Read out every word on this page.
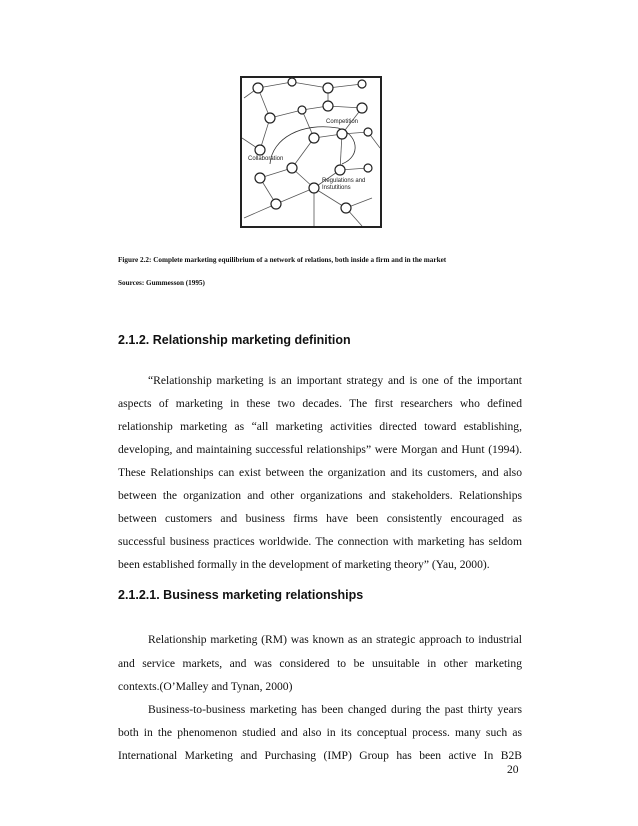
Competition
Collaboration
Regulations and
Instutitions
Figure 2.2: Complete marketing equilibrium of a network of relations, both inside a firm and in the market
Sources: Gummesson (1995)
2.1.2. Relationship marketing definition
“Relationship marketing is an important strategy and is one of the important
aspects of marketing in these two decades. The first researchers who defined
relationship marketing as “all marketing activities directed toward establishing,
developing, and maintaining successful relationships” were Morgan and Hunt (1994).
These Relationships can exist between the organization and its customers, and also
between the organization and other organizations and stakeholders. Relationships
between customers and business firms have been consistently encouraged as
successful business practices worldwide. The connection with marketing has seldom
been established formally in the development of marketing theory” (Yau, 2000).
2.1.2.1. Business marketing relationships
Relationship marketing (RM) was known as an strategic approach to industrial
and service markets, and was considered to be unsuitable in other marketing
contexts.(O’Malley and Tynan, 2000)
Business-to-business marketing has been changed during the past thirty years
both in the phenomenon studied and also in its conceptual process. many such as
International Marketing and Purchasing (IMP) Group has been active In B2B
20
